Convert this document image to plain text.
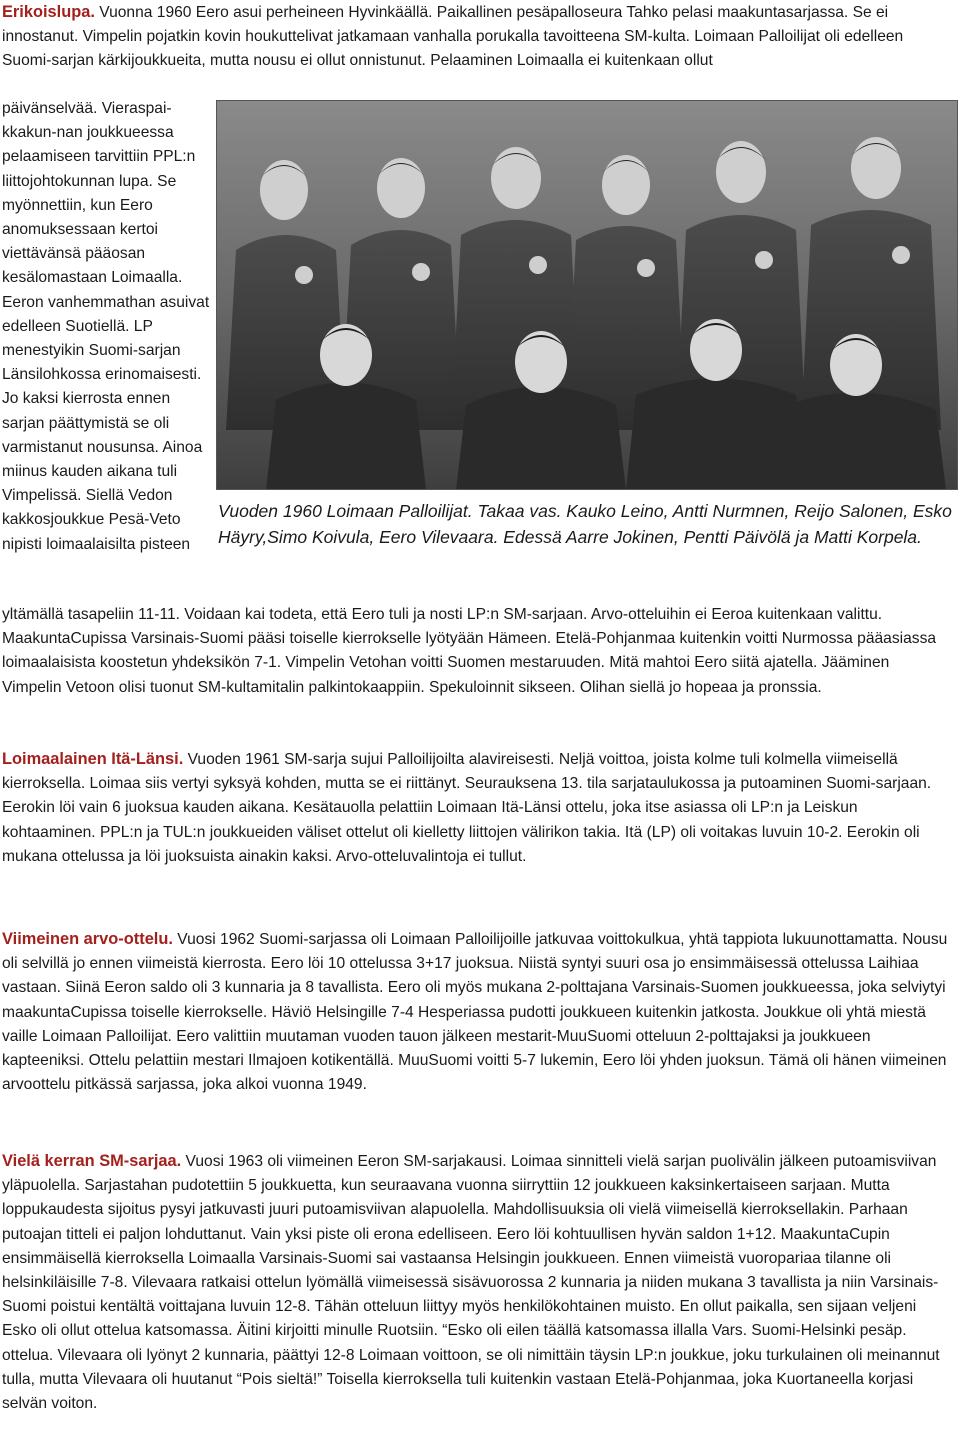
Erikoislupa. Vuonna 1960 Eero asui perheineen Hyvinkäällä. Paikallinen pesäpalloseura Tahko pelasi maakuntasarjassa. Se ei innostanut. Vimpelin pojatkin kovin houkuttelivat jatkamaan vanhalla porukalla tavoitteena SM-kulta. Loimaan Palloilijat oli edelleen Suomi-sarjan kärkijoukkueita, mutta nousu ei ollut onnistunut. Pelaaminen Loimaalla ei kuitenkaan ollut

päivänselvää. Vieraspaikkakun-nan joukkueessa pelaamiseen tarvittiin PPL:n liittojohtokunnan lupa. Se myönnettiin, kun Eero anomuksessaan kertoi viettävänsä pääosan kesälomastaan Loimaalla. Eeron vanhemmathan asuivat edelleen Suotiellä. LP menestyikin Suomi-sarjan Länsilohkossa erinomaisesti. Jo kaksi kierrosta ennen sarjan päättymistä se oli varmistanut nousunsa. Ainoa miinus kauden aikana tuli Vimpelissä. Siellä Vedon kakkosjoukkue Pesä-Veto nipisti loimaalaisilta pisteen

Vuoden 1960 Loimaan Palloilijat. Takaa vas. Kauko Leino, Antti Nurmnen, Reijo Salonen, Esko Häyry,Simo Koivula, Eero Vilevaara. Edessä Aarre Jokinen, Pentti Päivölä ja Matti Korpela.

yltämällä tasapeliin 11-11. Voidaan kai todeta, että Eero tuli ja nosti LP:n SM-sarjaan. Arvo-otteluihin ei Eeroa kuitenkaan valittu. MaakuntaCupissa Varsinais-Suomi pääsi toiselle kierrokselle lyötyään Hämeen. Etelä-Pohjanmaa kuitenkin voitti Nurmossa pääasiassa loimaalaisista koostetun yhdeksikön 7-1. Vimpelin Vetohan voitti Suomen mestaruuden. Mitä mahtoi Eero siitä ajatella. Jääminen Vimpelin Vetoon olisi tuonut SM-kultamitalin palkintokaappiin. Spekuloinnit sikseen. Olihan siellä jo hopeaa ja pronssia.

Loimaalainen Itä-Länsi. Vuoden 1961 SM-sarja sujui Palloilijoilta alavireisesti. Neljä voittoa, joista kolme tuli kolmella viimeisellä kierroksella. Loimaa siis vertyi syksyä kohden, mutta se ei riittänyt. Seurauksena 13. tila sarjataulukossa ja putoaminen Suomi-sarjaan. Eerokin löi vain 6 juoksua kauden aikana. Kesätauolla pelattiin Loimaan Itä-Länsi ottelu, joka itse asiassa oli LP:n ja Leiskun kohtaaminen. PPL:n ja TUL:n joukkueiden väliset ottelut oli kielletty liittojen välirikon takia. Itä (LP) oli voitakas luvuin 10-2. Eerokin oli mukana ottelussa ja löi juoksuista ainakin kaksi. Arvo-otteluvalintoja ei tullut.

Viimeinen arvo-ottelu. Vuosi 1962 Suomi-sarjassa oli Loimaan Palloilijoille jatkuvaa voittokulkua, yhtä tappiota lukuunottamatta. Nousu oli selvillä jo ennen viimeistä kierrosta. Eero löi 10 ottelussa 3+17 juoksua. Niistä syntyi suuri osa jo ensimmäisessä ottelussa Laihiaa vastaan. Siinä Eeron saldo oli 3 kunnaria ja 8 tavallista. Eero oli myös mukana 2-polttajana Varsinais-Suomen joukkueessa, joka selviytyi maakuntaCupissa toiselle kierrokselle. Häviö Helsingille 7-4 Hesperiassa pudotti joukkueen kuitenkin jatkosta. Joukkue oli yhtä miestä vaille Loimaan Palloilijat. Eero valittiin muutaman vuoden tauon jälkeen mestarit-MuuSuomi otteluun 2-polttajaksi ja joukkueen kapteeniksi. Ottelu pelattiin mestari Ilmajoen kotikentällä. MuuSuomi voitti 5-7 lukemin, Eero löi yhden juoksun. Tämä oli hänen viimeinen arvoottelu pitkässä sarjassa, joka alkoi vuonna 1949.

Vielä kerran SM-sarjaa. Vuosi 1963 oli viimeinen Eeron SM-sarjakausi. Loimaa sinnitteli vielä sarjan puolivälin jälkeen putoamisviivan yläpuolella. Sarjastahan pudotettiin 5 joukkuetta, kun seuraavana vuonna siirryttiin 12 joukkueen kaksinkertaiseen sarjaan. Mutta loppukaudesta sijoitus pysyi jatkuvasti juuri putoamisviivan alapuolella. Mahdollisuuksia oli vielä viimeisellä kierroksellakin. Parhaan putoajan titteli ei paljon lohduttanut. Vain yksi piste oli erona edelliseen. Eero löi kohtuullisen hyvän saldon 1+12. MaakuntaCupin ensimmäisellä kierroksella Loimaalla Varsinais-Suomi sai vastaansa Helsingin joukkueen. Ennen viimeistä vuoropariaa tilanne oli helsinkiläisille 7-8. Vilevaara ratkaisi ottelun lyömällä viimeisessä sisävuorossa 2 kunnaria ja niiden mukana 3 tavallista ja niin Varsinais-Suomi poistui kentältä voittajana luvuin 12-8. Tähän otteluun liittyy myös henkilökohtainen muisto. En ollut paikalla, sen sijaan veljeni Esko oli ollut ottelua katsomassa. Äitini kirjoitti minulle Ruotsiin. “Esko oli eilen täällä katsomassa illalla Vars. Suomi-Helsinki pesäp. ottelua. Vilevaara oli lyönyt 2 kunnaria, päättyi 12-8 Loimaan voittoon, se oli nimittäin täysin LP:n joukkue, joku turkulainen oli meinannut tulla, mutta Vilevaara oli huutanut “Pois sieltä!” Toisella kierroksella tuli kuitenkin vastaan Etelä-Pohjanmaa, joka Kuortaneella korjasi selvän voiton.
